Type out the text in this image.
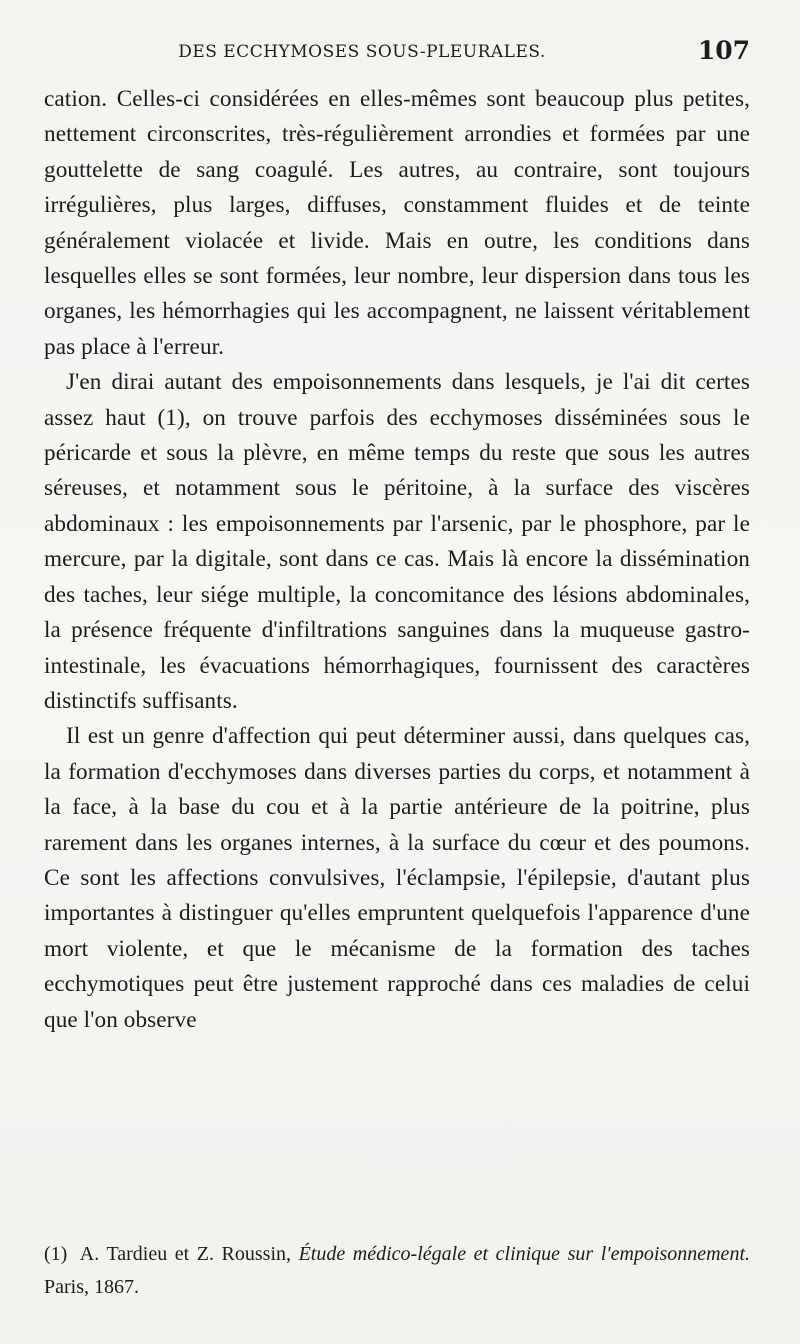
DES ECCHYMOSES SOUS-PLEURALES.	107

cation. Celles-ci considérées en elles-mêmes sont beaucoup plus petites, nettement circonscrites, très-régulièrement arrondies et formées par une gouttelette de sang coagulé. Les autres, au contraire, sont toujours irrégulières, plus larges, diffuses, constamment fluides et de teinte généralement violacée et livide. Mais en outre, les conditions dans lesquelles elles se sont formées, leur nombre, leur dispersion dans tous les organes, les hémorrhagies qui les accompagnent, ne laissent véritablement pas place à l'erreur.

J'en dirai autant des empoisonnements dans lesquels, je l'ai dit certes assez haut (1), on trouve parfois des ecchymoses disséminées sous le péricarde et sous la plèvre, en même temps du reste que sous les autres séreuses, et notamment sous le péritoine, à la surface des viscères abdominaux : les empoisonnements par l'arsenic, par le phosphore, par le mercure, par la digitale, sont dans ce cas. Mais là encore la dissémination des taches, leur siége multiple, la concomitance des lésions abdominales, la présence fréquente d'infiltrations sanguines dans la muqueuse gastro-intestinale, les évacuations hémorrhagiques, fournissent des caractères distinctifs suffisants.

Il est un genre d'affection qui peut déterminer aussi, dans quelques cas, la formation d'ecchymoses dans diverses parties du corps, et notamment à la face, à la base du cou et à la partie antérieure de la poitrine, plus rarement dans les organes internes, à la surface du cœur et des poumons. Ce sont les affections convulsives, l'éclampsie, l'épilepsie, d'autant plus importantes à distinguer qu'elles empruntent quelquefois l'apparence d'une mort violente, et que le mécanisme de la formation des taches ecchymotiques peut être justement rapproché dans ces maladies de celui que l'on observe

(1) A. Tardieu et Z. Roussin, Étude médico-légale et clinique sur l'empoisonnement. Paris, 1867.
